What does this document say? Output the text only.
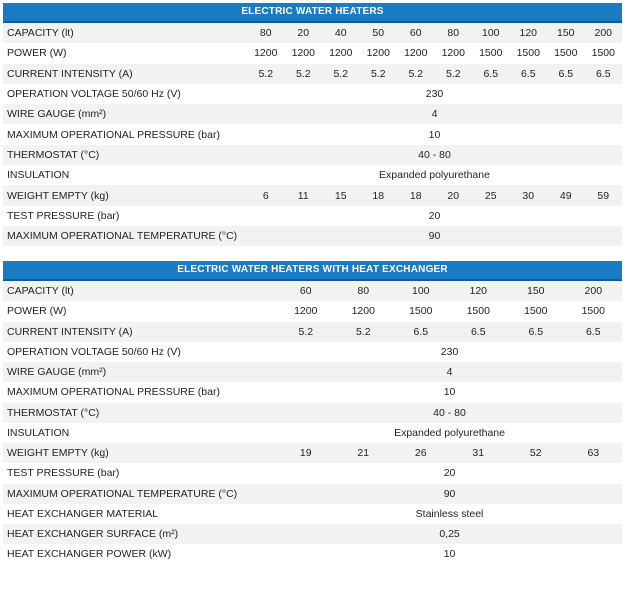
ELECTRIC WATER HEATERS										
CAPACITY (lt)	80	20	40	50	60	80	100	120	150	200
POWER (W)	1200	1200	1200	1200	1200	1200	1500	1500	1500	1500
CURRENT INTENSITY (A)	5.2	5.2	5.2	5.2	5.2	5.2	6.5	6.5	6.5	6.5
OPERATION VOLTAGE 50/60 Hz (V)	230									
WIRE GAUGE (mm²)	4									
MAXIMUM OPERATIONAL PRESSURE (bar)	10									
THERMOSTAT (°C)	40 - 80									
INSULATION	Expanded polyurethane									
WEIGHT EMPTY (kg)	6	11	15	18	18	20	25	30	49	59
TEST PRESSURE (bar)	20									
MAXIMUM OPERATIONAL TEMPERATURE (°C)	90									
ELECTRIC WATER HEATERS WITH HEAT EXCHANGER						
CAPACITY (lt)	60	80	100	120	150	200
POWER (W)	1200	1200	1500	1500	1500	1500
CURRENT INTENSITY (A)	5.2	5.2	6.5	6.5	6.5	6.5
OPERATION VOLTAGE 50/60 Hz (V)	230					
WIRE GAUGE (mm²)	4					
MAXIMUM OPERATIONAL PRESSURE (bar)	10					
THERMOSTAT (°C)	40 - 80					
INSULATION	Expanded polyurethane					
WEIGHT EMPTY (kg)	19	21	26	31	52	63
TEST PRESSURE (bar)	20					
MAXIMUM OPERATIONAL TEMPERATURE (°C)	90					
HEAT EXCHANGER MATERIAL	Stainless steel					
HEAT EXCHANGER SURFACE (m²)	0,25					
HEAT EXCHANGER POWER (kW)	10					
